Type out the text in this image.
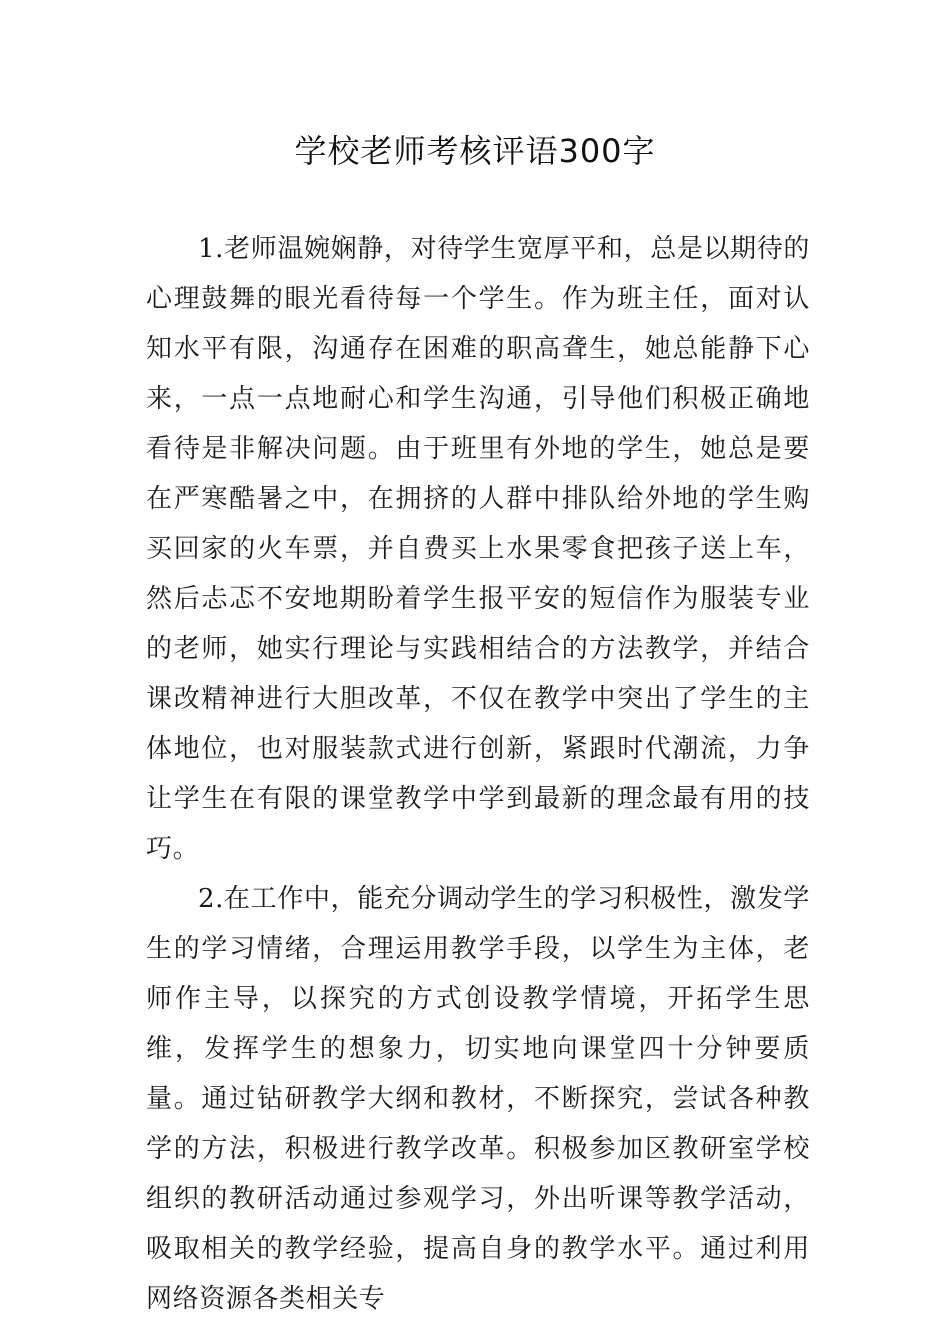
学校老师考核评语300字

1.老师温婉娴静，对待学生宽厚平和，总是以期待的心理鼓舞的眼光看待每一个学生。作为班主任，面对认知水平有限，沟通存在困难的职高聋生，她总能静下心来，一点一点地耐心和学生沟通，引导他们积极正确地看待是非解决问题。由于班里有外地的学生，她总是要在严寒酷暑之中，在拥挤的人群中排队给外地的学生购买回家的火车票，并自费买上水果零食把孩子送上车，然后忐忑不安地期盼着学生报平安的短信作为服装专业的老师，她实行理论与实践相结合的方法教学，并结合课改精神进行大胆改革，不仅在教学中突出了学生的主体地位，也对服装款式进行创新，紧跟时代潮流，力争让学生在有限的课堂教学中学到最新的理念最有用的技巧。

2.在工作中，能充分调动学生的学习积极性，激发学生的学习情绪，合理运用教学手段，以学生为主体，老师作主导，以探究的方式创设教学情境，开拓学生思维，发挥学生的想象力，切实地向课堂四十分钟要质量。通过钻研教学大纲和教材，不断探究，尝试各种教学的方法，积极进行教学改革。积极参加区教研室学校组织的教研活动通过参观学习，外出听课等教学活动，吸取相关的教学经验，提高自身的教学水平。通过利用网络资源各类相关专
